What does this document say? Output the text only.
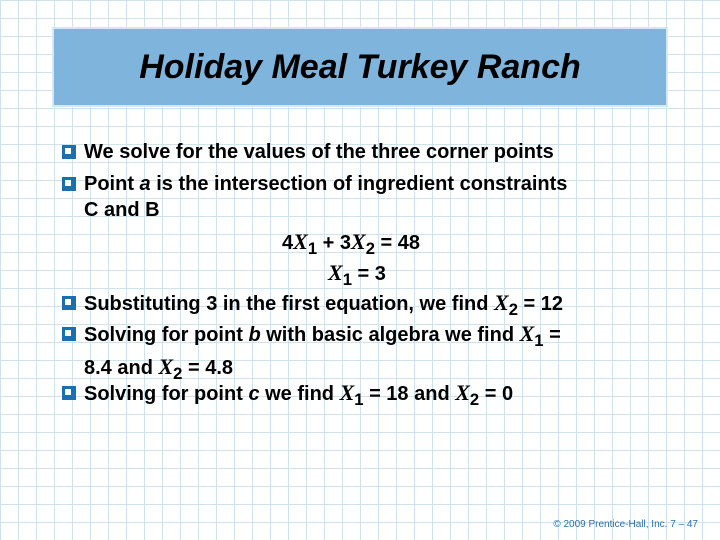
Holiday Meal Turkey Ranch
We solve for the values of the three corner points
Point a is the intersection of ingredient constraints
C and B
$4X_1 + 3X_2 = 48$
$X_1 = 3$
Substituting 3 in the first equation, we find $X_2 = 12$
Solving for point b with basic algebra we find $X_1$ =
8.4 and $X_2 = 4.8$
Solving for point c we find $X_1 = 18$ and $X_2 = 0$
© 2009 Prentice-Hall, Inc. 7 – 47
